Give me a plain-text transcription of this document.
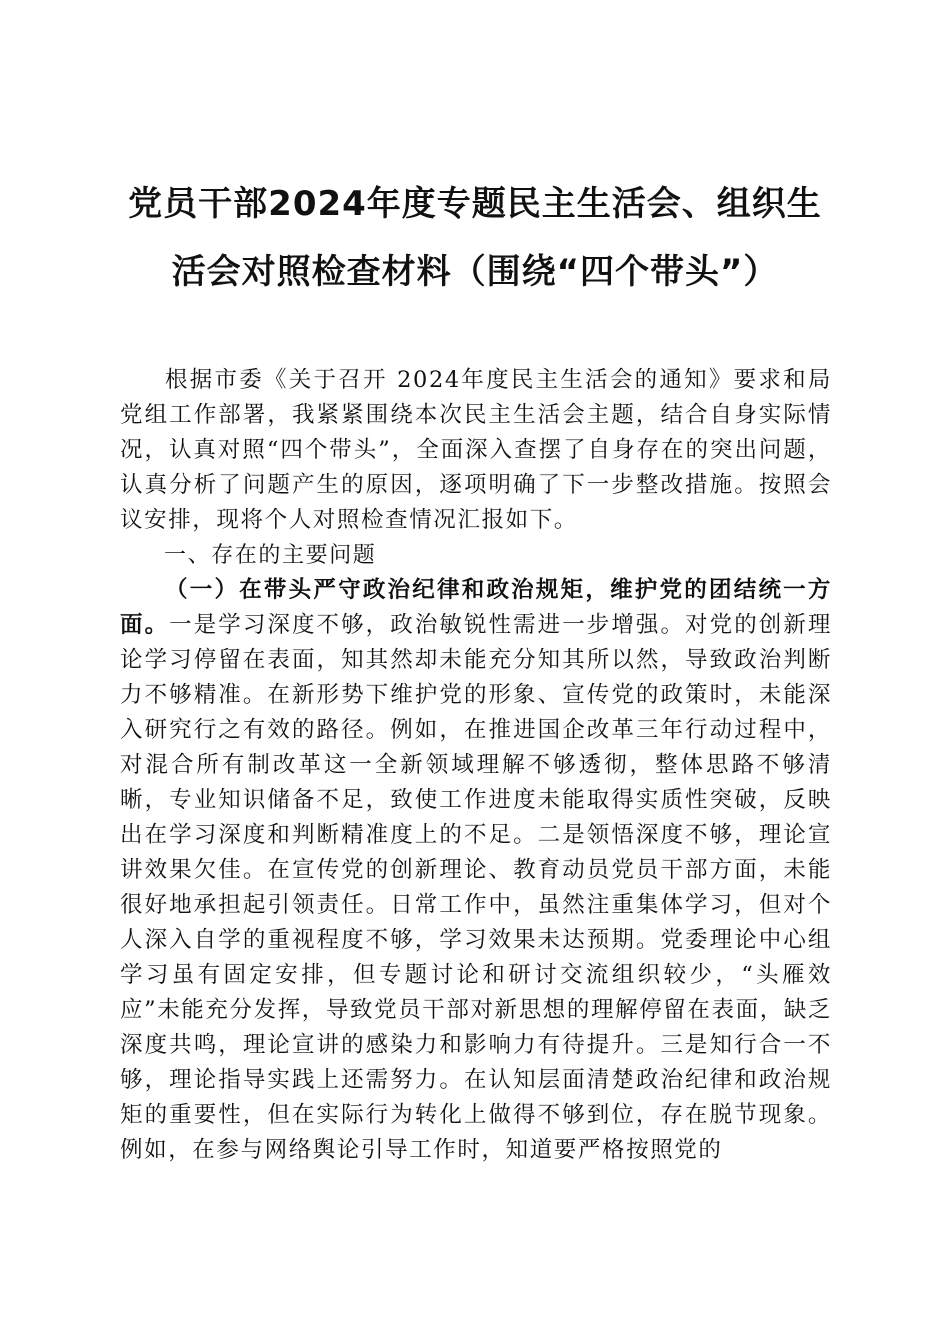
党员干部2024年度专题民主生活会、组织生活会对照检查材料（围绕“四个带头”）

根据市委《关于召开 2024年度民主生活会的通知》要求和局党组工作部署，我紧紧围绕本次民主生活会主题，结合自身实际情况，认真对照“四个带头”，全面深入查摆了自身存在的突出问题，认真分析了问题产生的原因，逐项明确了下一步整改措施。按照会议安排，现将个人对照检查情况汇报如下。

一、存在的主要问题

（一）在带头严守政治纪律和政治规矩，维护党的团结统一方面。一是学习深度不够，政治敏锐性需进一步增强。对党的创新理论学习停留在表面，知其然却未能充分知其所以然，导致政治判断力不够精准。在新形势下维护党的形象、宣传党的政策时，未能深入研究行之有效的路径。例如，在推进国企改革三年行动过程中，对混合所有制改革这一全新领域理解不够透彻，整体思路不够清晰，专业知识储备不足，致使工作进度未能取得实质性突破，反映出在学习深度和判断精准度上的不足。二是领悟深度不够，理论宣讲效果欠佳。在宣传党的创新理论、教育动员党员干部方面，未能很好地承担起引领责任。日常工作中，虽然注重集体学习，但对个人深入自学的重视程度不够，学习效果未达预期。党委理论中心组学习虽有固定安排，但专题讨论和研讨交流组织较少，“头雁效应”未能充分发挥，导致党员干部对新思想的理解停留在表面，缺乏深度共鸣，理论宣讲的感染力和影响力有待提升。三是知行合一不够，理论指导实践上还需努力。在认知层面清楚政治纪律和政治规矩的重要性，但在实际行为转化上做得不够到位，存在脱节现象。例如，在参与网络舆论引导工作时，知道要严格按照党的
